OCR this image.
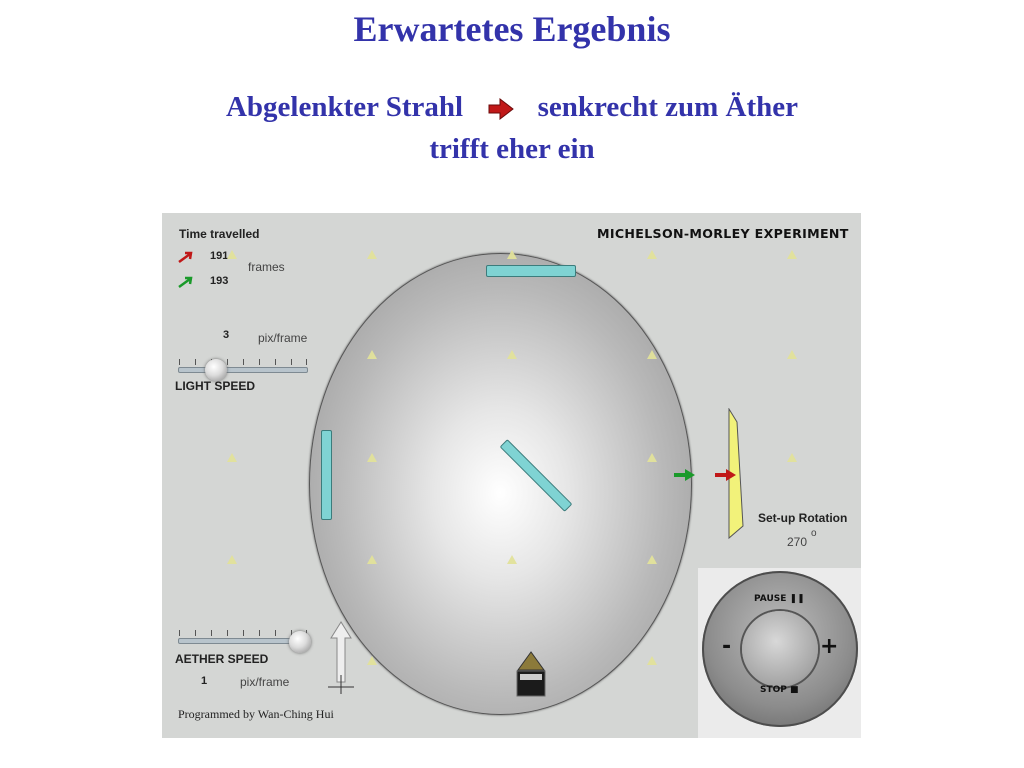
Erwartetes Ergebnis
Abgelenkter Strahl	senkrecht zum Äther
trifft eher ein
Time travelled
191
193
frames
3 pix/frame
LIGHT SPEED
Set-up Rotation
270
o
AETHER SPEED
1	pix/frame
PAUSE ❚❚
STOP ■
-	+
MICHELSON-MORLEY EXPERIMENT
Programmed by Wan-Ching Hui
